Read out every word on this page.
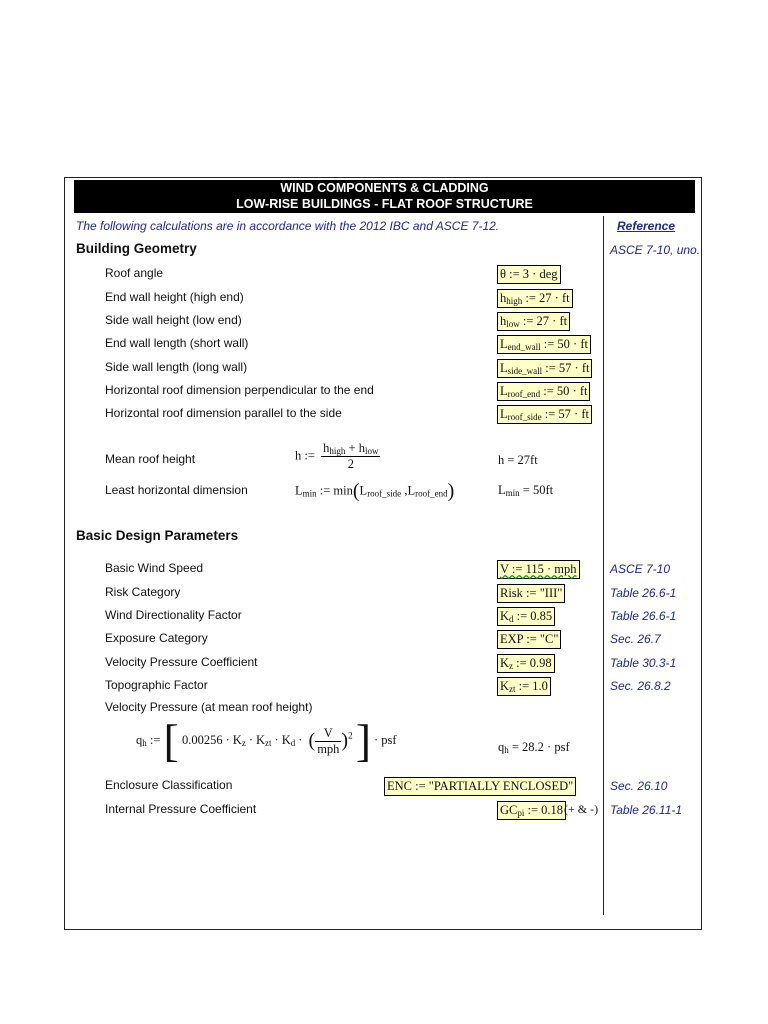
WIND COMPONENTS & CLADDING
LOW-RISE BUILDINGS - FLAT ROOF STRUCTURE
The following calculations are in accordance with the 2012 IBC and ASCE 7-12.	Reference
Building Geometry	ASCE 7-10, uno.
Roof angle	θ := 3 · deg
End wall height (high end)	$h_{high}$ := 27 · ft
Side wall height (low end)	$h_{low}$ := 27 · ft
End wall length (short wall)	$L_{end\_wall}$ := 50 · ft
Side wall length (long wall)	$L_{side\_wall}$ := 57 · ft
Horizontal roof dimension perpendicular to the end	$L_{roof\_end}$ := 50 · ft
Horizontal roof dimension parallel to the side	$L_{roof\_side}$ := 57 · ft
Mean roof height	h := $\frac{h_{high} + h_{low}}{2}$	h = 27ft
Least horizontal dimension	$L_{min}$ := $\min(L_{roof\_side}$ $,L_{roof\_end}$)	$L_{min} = 50ft$
Basic Design Parameters
Basic Wind Speed	V := 115 · mph	ASCE 7-10
Risk Category	Risk := "III"	Table 26.6-1
Wind Directionality Factor	$K_d$ := 0.85	Table 26.6-1
Exposure Category	EXP := "C"	Sec. 26.7
Velocity Pressure Coefficient	$K_z$ := 0.98	Table 30.3-1
Topographic Factor	$K_{zt}$ := 1.0	Sec. 26.8.2
Velocity Pressure (at mean roof height)
$q_h$ := [ $0.00256 \cdot K_z \cdot K_{zt} \cdot K_d$ · ( $\frac{V}{\text{mph}} )^2$ ] · psf
$q_h = 28.2$ · psf
Enclosure Classification	ENC := "PARTIALLY ENCLOSED"	Sec. 26.10
Internal Pressure Coefficient	$GC_{pi}$ := 0.18 (+ & -) Table 26.11-1
